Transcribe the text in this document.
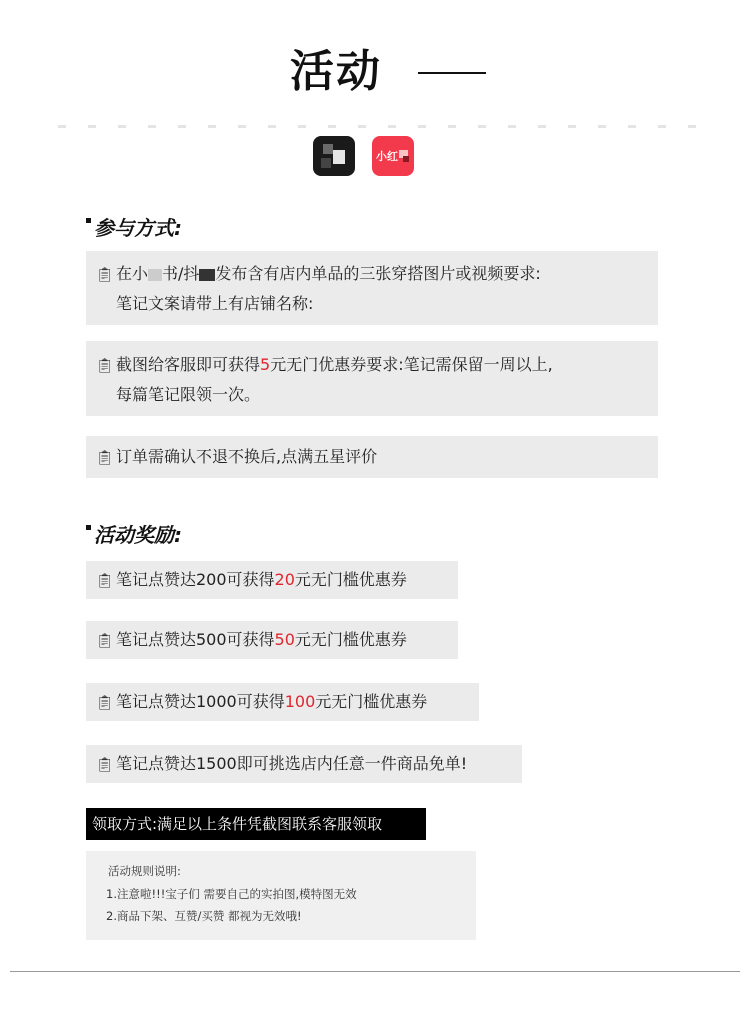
活动
小红
参与方式:
📋︎ 在小 书/抖 发布含有店内单品的三张穿搭图片或视频要求:
笔记文案请带上有店铺名称:
📋︎ 截图给客服即可获得5元无门优惠券要求:笔记需保留一周以上,
每篇笔记限领一次。
📋︎ 订单需确认不退不换后,点满五星评价
活动奖励:
📋︎ 笔记点赞达200可获得20元无门槛优惠券
📋︎ 笔记点赞达500可获得50元无门槛优惠券
📋︎ 笔记点赞达1000可获得100元无门槛优惠券
📋︎ 笔记点赞达1500即可挑选店内任意一件商品免单!
领取方式:满足以上条件凭截图联系客服领取
活动规则说明:
1.注意啦!!!宝子们 需要自己的实拍图,模特图无效
2.商品下架、互赞/买赞 都视为无效哦!
